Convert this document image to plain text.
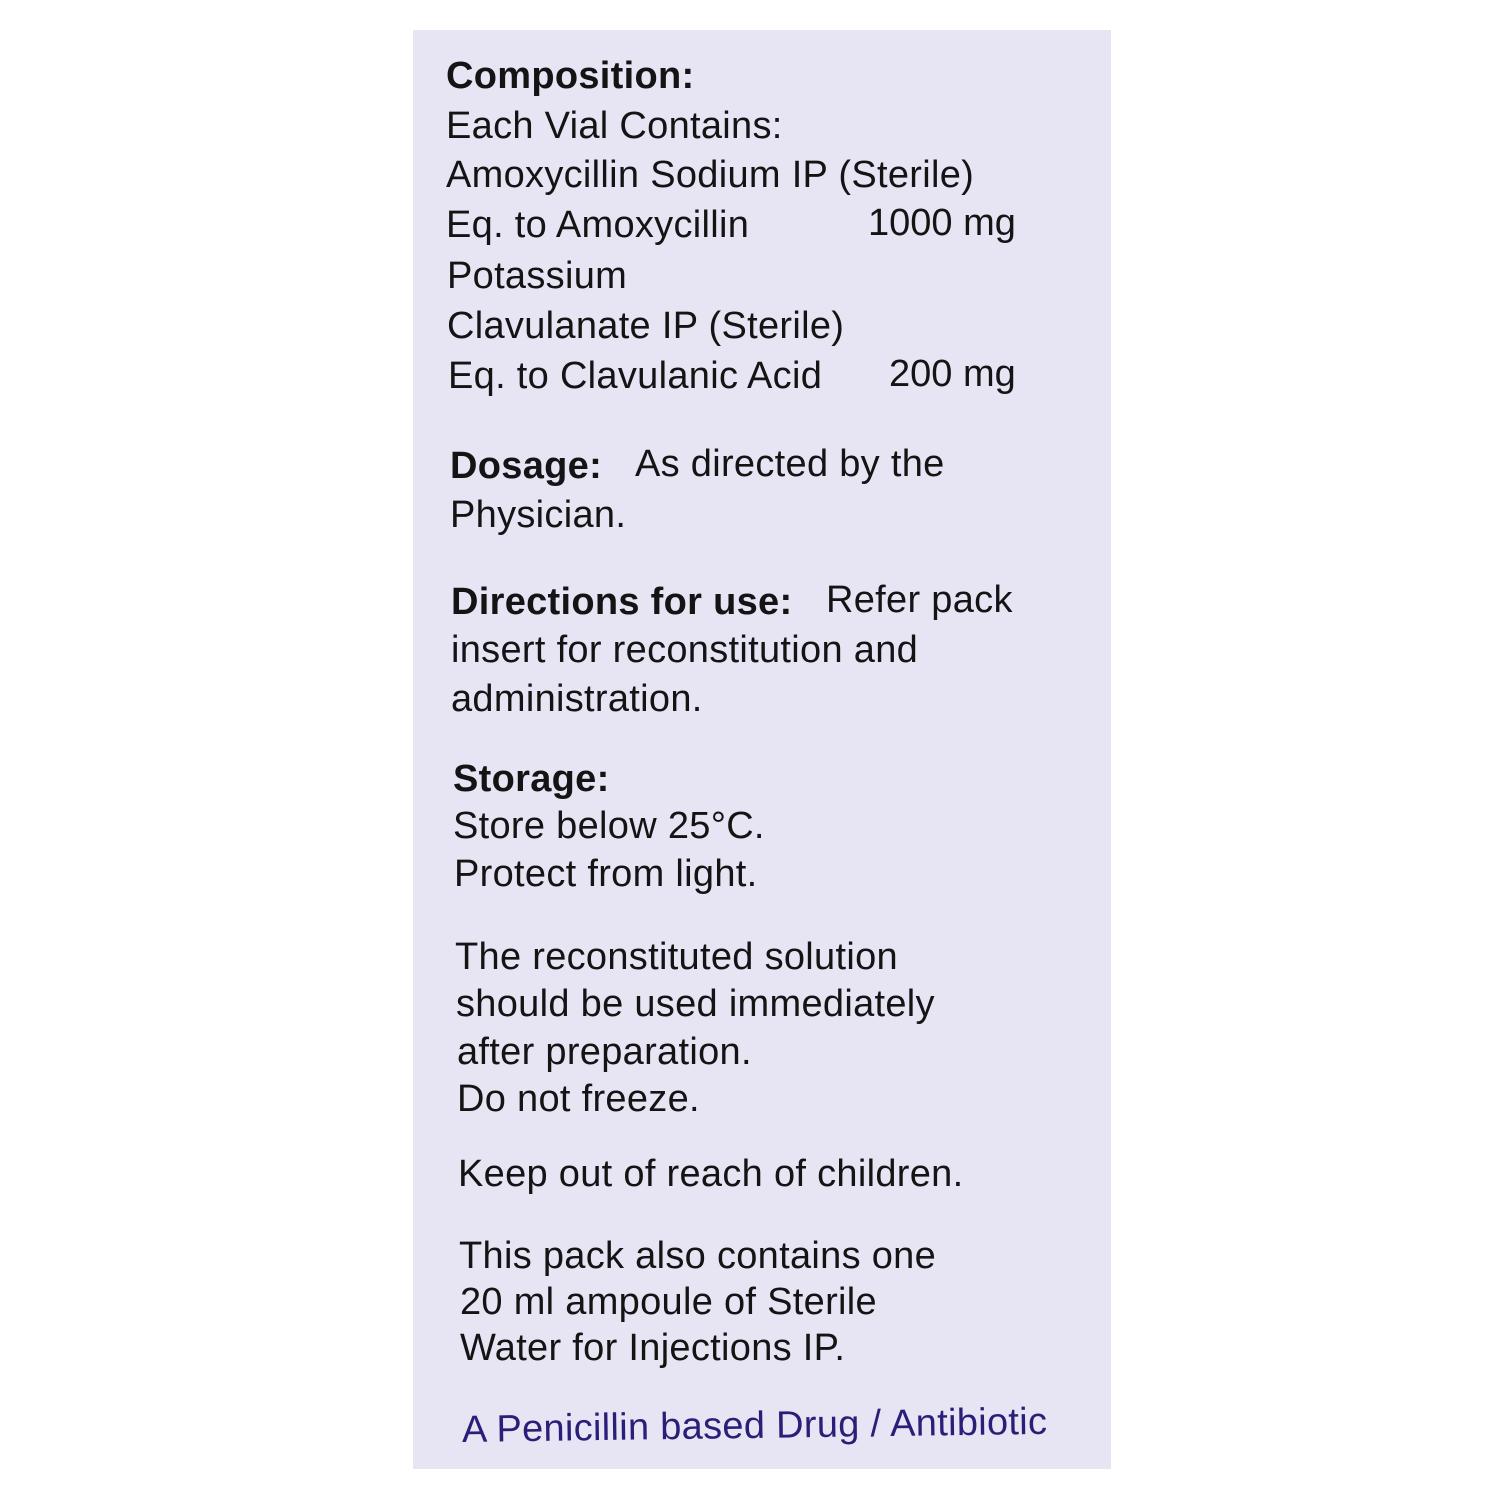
Composition:
Each Vial Contains:
Amoxycillin Sodium IP (Sterile)
Eq. to Amoxycillin	1000 mg
Potassium
Clavulanate IP (Sterile)
Eq. to Clavulanic Acid 200 mg
Dosage: As directed by the
Physician.
Directions for use: Refer pack
insert for reconstitution and
administration.
Storage:
Store below 25°C.
Protect from light.
The reconstituted solution
should be used immediately
after preparation.
Do not freeze.
Keep out of reach of children.
This pack also contains one
20 ml ampoule of Sterile
Water for Injections IP.
A Penicillin based Drug / Antibiotic
